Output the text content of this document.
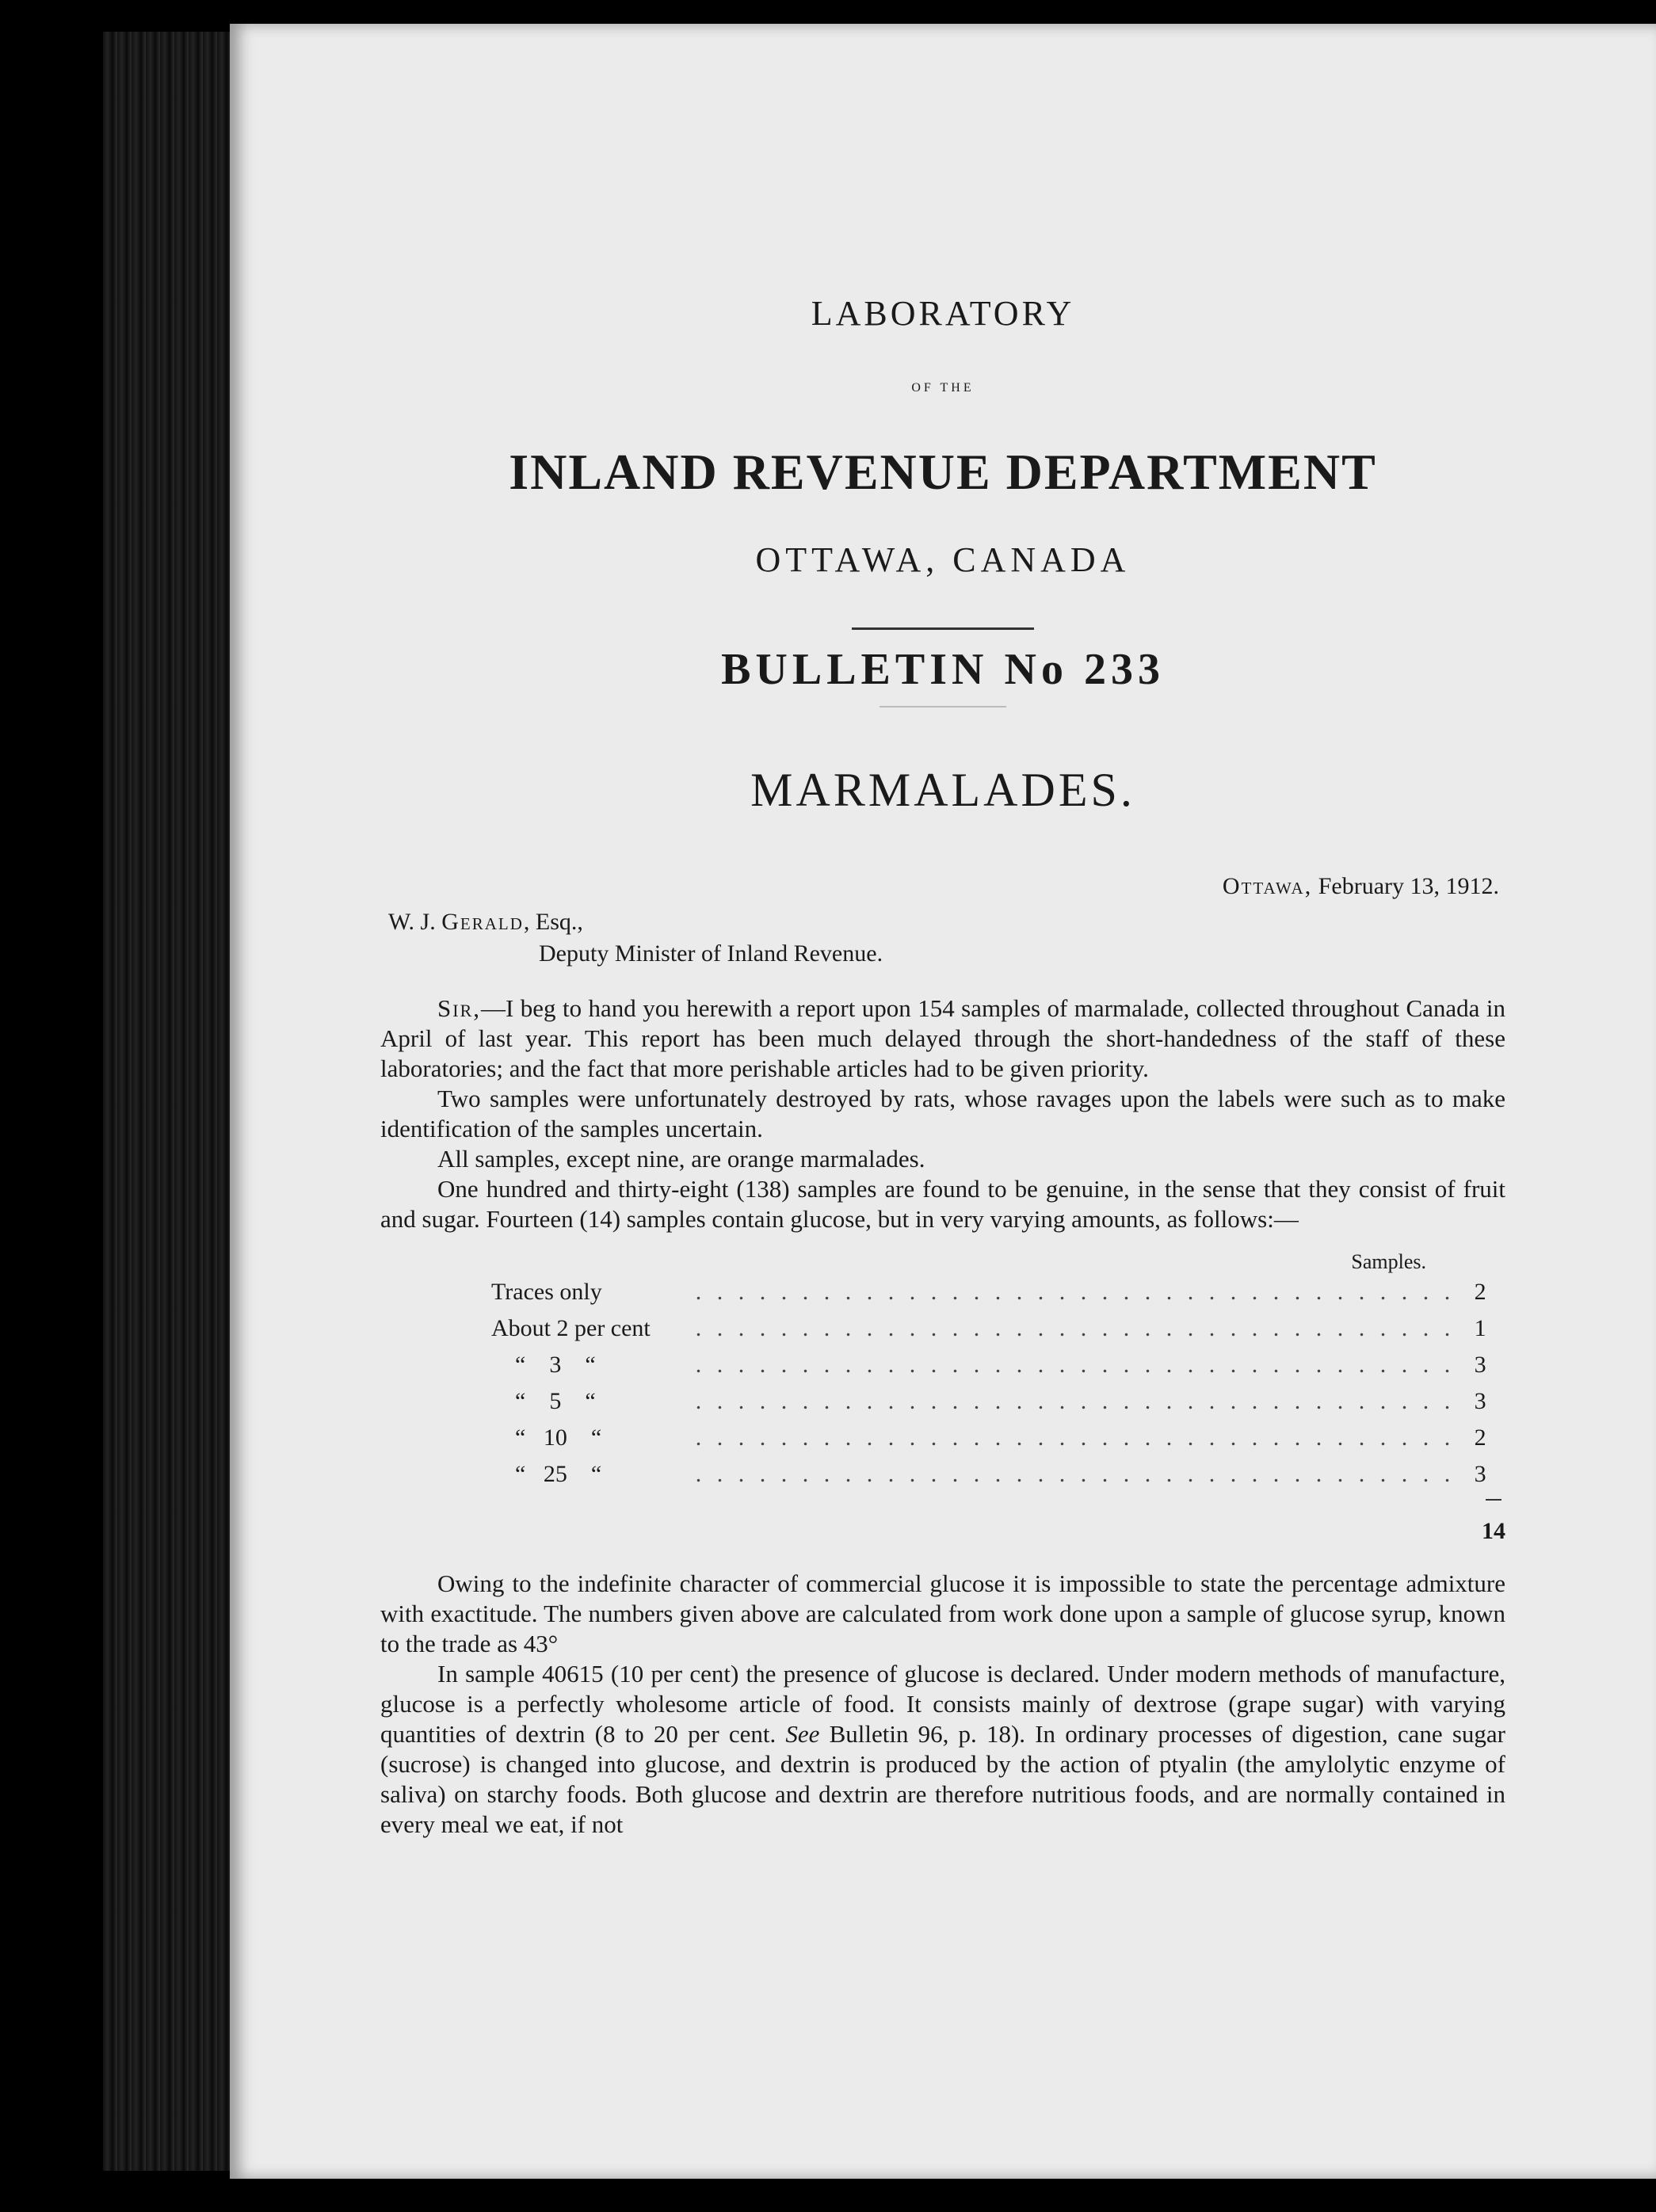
LABORATORY
OF THE
INLAND REVENUE DEPARTMENT
OTTAWA, CANADA
BULLETIN No 233
MARMALADES.
Ottawa, February 13, 1912.
W. J. Gerald, Esq.,
Deputy Minister of Inland Revenue.

Sir,—I beg to hand you herewith a report upon 154 samples of marmalade, collected throughout Canada in April of last year. This report has been much delayed through the short-handedness of the staff of these laboratories; and the fact that more perishable articles had to be given priority.

Two samples were unfortunately destroyed by rats, whose ravages upon the labels were such as to make identification of the samples uncertain.

All samples, except nine, are orange marmalades.

One hundred and thirty-eight (138) samples are found to be genuine, in the sense that they consist of fruit and sugar. Fourteen (14) samples contain glucose, but in very varying amounts, as follows:—

Samples.
Traces only	. . . . . . . . . . . . . . . . . . . . . . . . . . . . . . . . . . . .	2
About 2 per cent	. . . . . . . . . . . . . . . . . . . . . . . . . . . . . . . . . . . .	1
“    3    “	. . . . . . . . . . . . . . . . . . . . . . . . . . . . . . . . . . . .	3
“    5    “	. . . . . . . . . . . . . . . . . . . . . . . . . . . . . . . . . . . .	3
“   10    “	. . . . . . . . . . . . . . . . . . . . . . . . . . . . . . . . . . . .	2
“   25    “	. . . . . . . . . . . . . . . . . . . . . . . . . . . . . . . . . . . .	3
14

Owing to the indefinite character of commercial glucose it is impossible to state the percentage admixture with exactitude. The numbers given above are calculated from work done upon a sample of glucose syrup, known to the trade as 43°

In sample 40615 (10 per cent) the presence of glucose is declared. Under modern methods of manufacture, glucose is a perfectly wholesome article of food. It consists mainly of dextrose (grape sugar) with varying quantities of dextrin (8 to 20 per cent. See Bulletin 96, p. 18). In ordinary processes of digestion, cane sugar (sucrose) is changed into glucose, and dextrin is produced by the action of ptyalin (the amylolytic enzyme of saliva) on starchy foods. Both glucose and dextrin are therefore nutritious foods, and are normally contained in every meal we eat, if not
